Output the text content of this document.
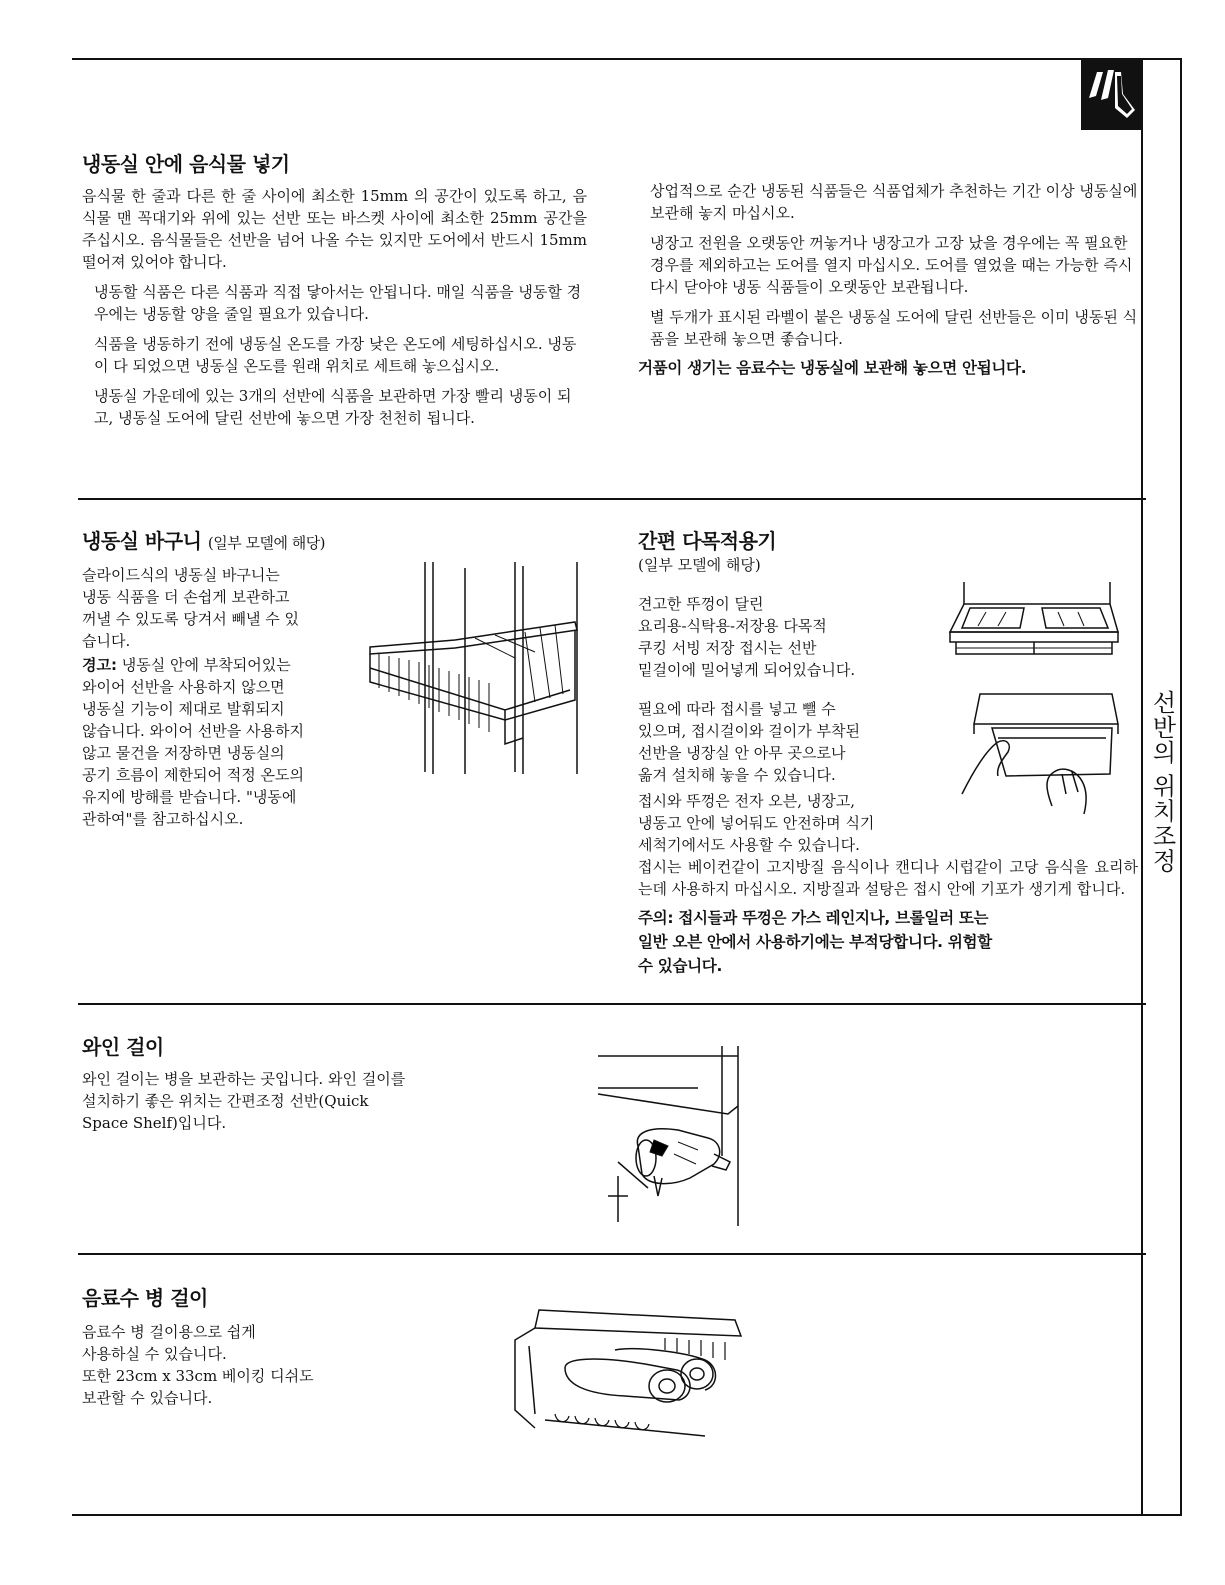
선반의 위치조정
냉동실 안에 음식물 넣기

음식물 한 줄과 다른 한 줄 사이에 최소한 15mm 의 공간이 있도록 하고, 음식물 맨 꼭대기와 위에 있는 선반 또는 바스켓 사이에 최소한 25mm 공간을 주십시오. 음식물들은 선반을 넘어 나올 수는 있지만 도어에서 반드시 15mm 떨어져 있어야 합니다.

냉동할 식품은 다른 식품과 직접 닿아서는 안됩니다. 매일 식품을 냉동할 경우에는 냉동할 양을 줄일 필요가 있습니다.

식품을 냉동하기 전에 냉동실 온도를 가장 낮은 온도에 세팅하십시오. 냉동이 다 되었으면 냉동실 온도를 원래 위치로 세트해 놓으십시오.

냉동실 가운데에 있는 3개의 선반에 식품을 보관하면 가장 빨리 냉동이 되고, 냉동실 도어에 달린 선반에 놓으면 가장 천천히 됩니다.

상업적으로 순간 냉동된 식품들은 식품업체가 추천하는 기간 이상 냉동실에 보관해 놓지 마십시오.

냉장고 전원을 오랫동안 꺼놓거나 냉장고가 고장 났을 경우에는 꼭 필요한 경우를 제외하고는 도어를 열지 마십시오. 도어를 열었을 때는 가능한 즉시 다시 닫아야 냉동 식품들이 오랫동안 보관됩니다.

별 두개가 표시된 라벨이 붙은 냉동실 도어에 달린 선반들은 이미 냉동된 식품을 보관해 놓으면 좋습니다.

거품이 생기는 음료수는 냉동실에 보관해 놓으면 안됩니다.

냉동실 바구니 (일부 모델에 해당)

슬라이드식의 냉동실 바구니는

냉동 식품을 더 손쉽게 보관하고

꺼낼 수 있도록 당겨서 빼낼 수 있

습니다.

경고: 냉동실 안에 부착되어있는

와이어 선반을 사용하지 않으면

냉동실 기능이 제대로 발휘되지

않습니다. 와이어 선반을 사용하지

않고 물건을 저장하면 냉동실의

공기 흐름이 제한되어 적정 온도의

유지에 방해를 받습니다. "냉동에

관하여"를 참고하십시오.

간편 다목적용기
(일부 모델에 해당)

견고한 뚜껑이 달린

요리용-식탁용-저장용 다목적

쿠킹 서빙 저장 접시는 선반

밑걸이에 밀어넣게 되어있습니다.

필요에 따라 접시를 넣고 뺄 수

있으며, 접시걸이와 걸이가 부착된

선반을 냉장실 안 아무 곳으로나

옮겨 설치해 놓을 수 있습니다.

접시와 뚜껑은 전자 오븐, 냉장고,

냉동고 안에 넣어둬도 안전하며 식기

세척기에서도 사용할 수 있습니다.

접시는 베이컨같이 고지방질 음식이나 캔디나 시럽같이 고당 음식을 요리하는데 사용하지 마십시오. 지방질과 설탕은 접시 안에 기포가 생기게 합니다.

주의: 접시들과 뚜껑은 가스 레인지나, 브롤일러 또는

일반 오븐 안에서 사용하기에는 부적당합니다. 위험할

수 있습니다.

와인 걸이

와인 걸이는 병을 보관하는 곳입니다. 와인 걸이를

설치하기 좋은 위치는 간편조정 선반(Quick

Space Shelf)입니다.

음료수 병 걸이

음료수 병 걸이용으로 쉽게

사용하실 수 있습니다.

또한 23cm x 33cm 베이킹 디쉬도

보관할 수 있습니다.
